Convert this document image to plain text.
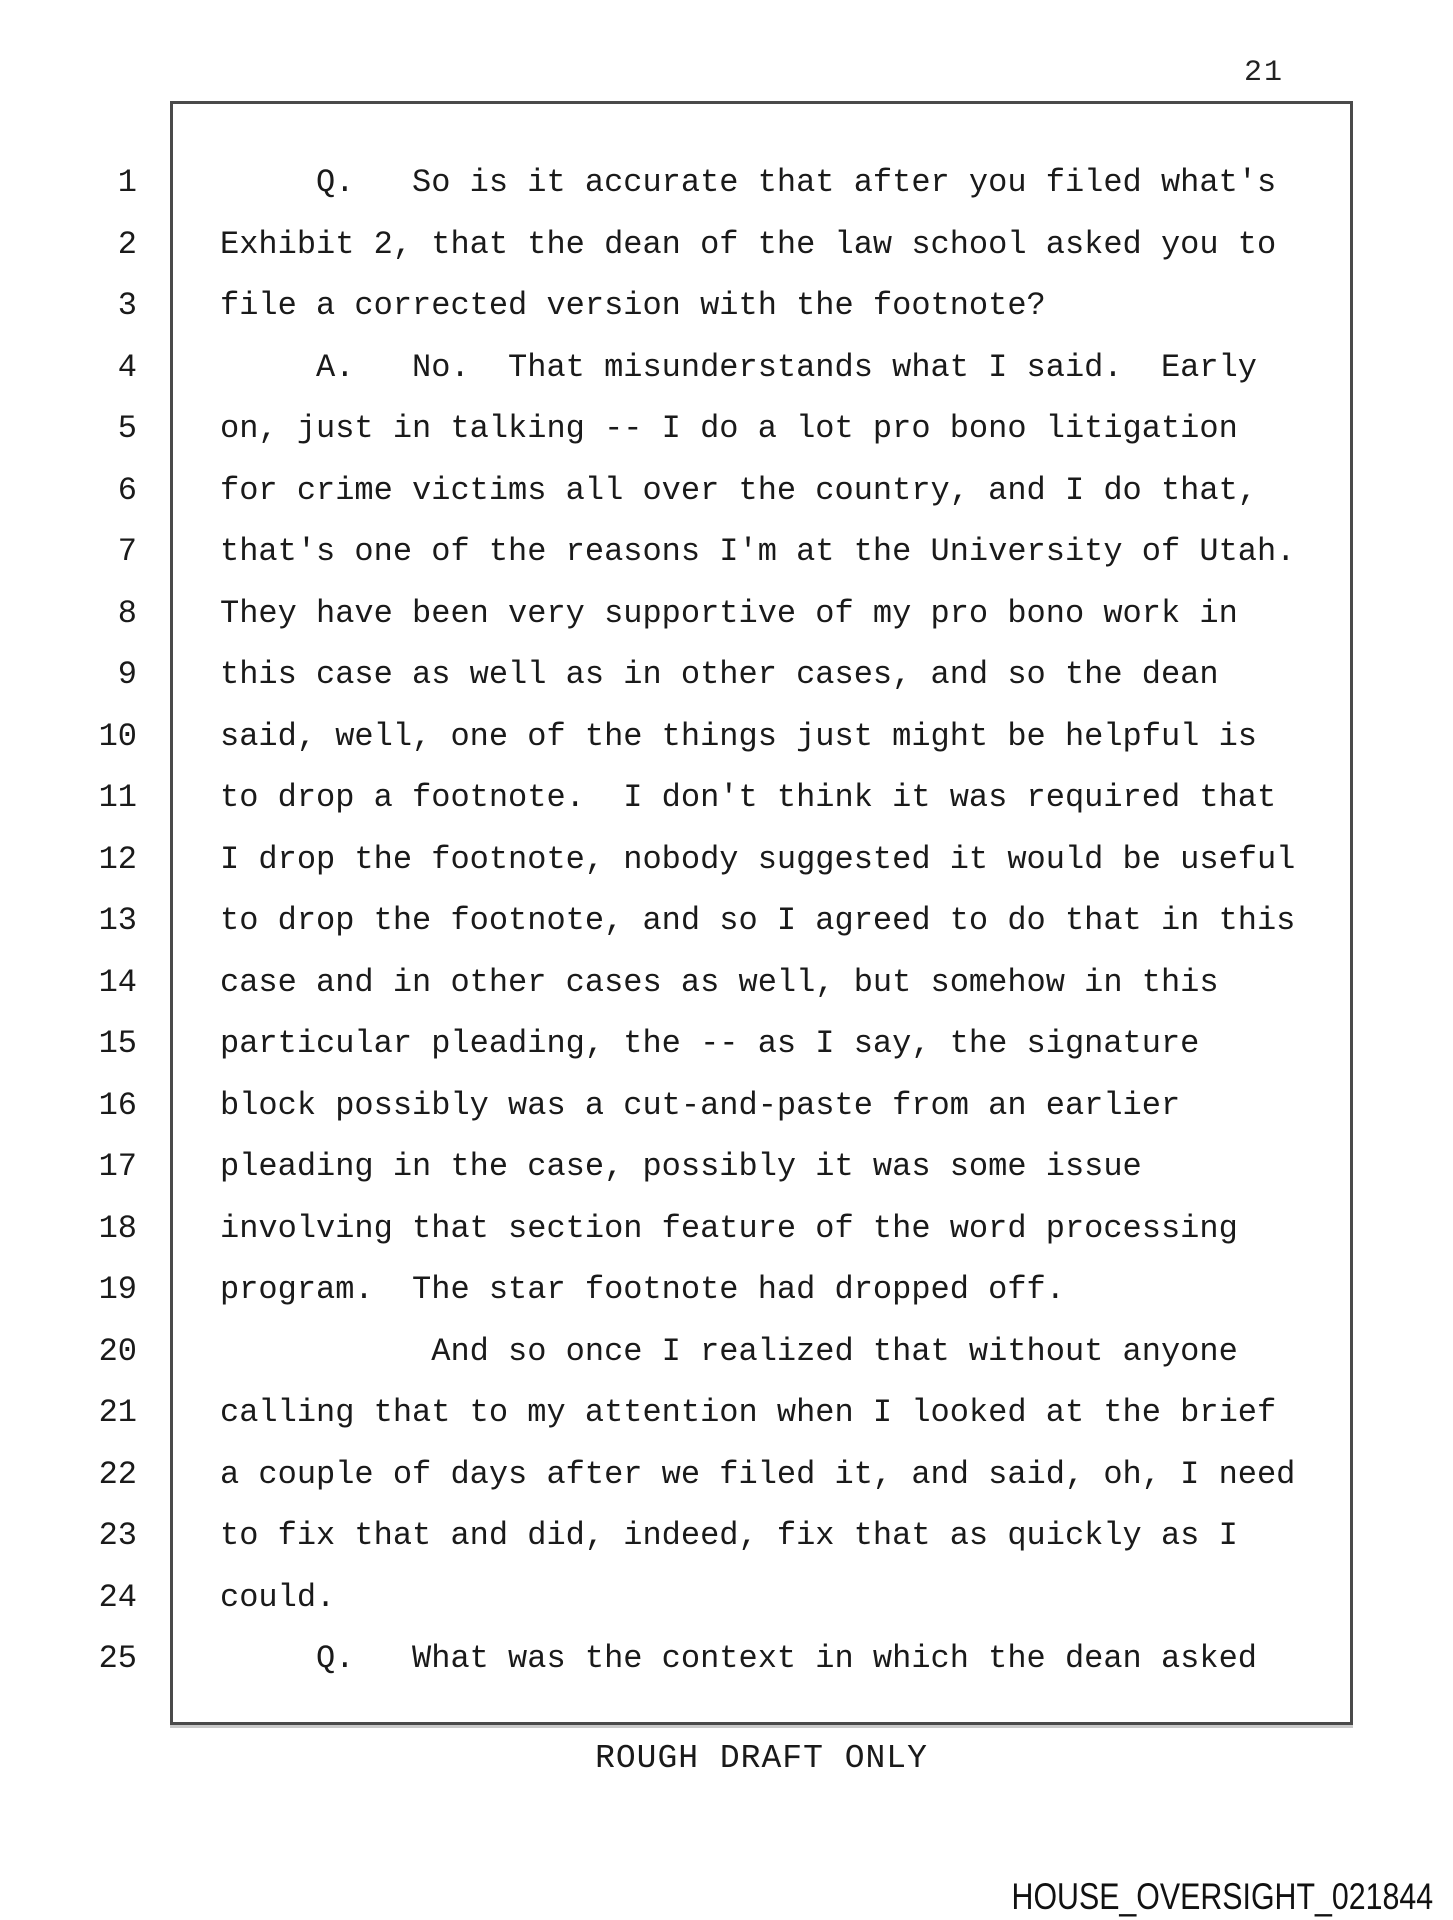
21
1	Q.   So is it accurate that after you filed what's
2	Exhibit 2, that the dean of the law school asked you to
3	file a corrected version with the footnote?
4	A.   No.  That misunderstands what I said.  Early
5	on, just in talking -- I do a lot pro bono litigation
6	for crime victims all over the country, and I do that,
7	that's one of the reasons I'm at the University of Utah.
8	They have been very supportive of my pro bono work in
9	this case as well as in other cases, and so the dean
10	said, well, one of the things just might be helpful is
11	to drop a footnote.  I don't think it was required that
12	I drop the footnote, nobody suggested it would be useful
13	to drop the footnote, and so I agreed to do that in this
14	case and in other cases as well, but somehow in this
15	particular pleading, the -- as I say, the signature
16	block possibly was a cut-and-paste from an earlier
17	pleading in the case, possibly it was some issue
18	involving that section feature of the word processing
19	program.  The star footnote had dropped off.
20	And so once I realized that without anyone
21	calling that to my attention when I looked at the brief
22	a couple of days after we filed it, and said, oh, I need
23	to fix that and did, indeed, fix that as quickly as I
24	could.
25	Q.   What was the context in which the dean asked
ROUGH DRAFT ONLY
HOUSE_OVERSIGHT_021844
